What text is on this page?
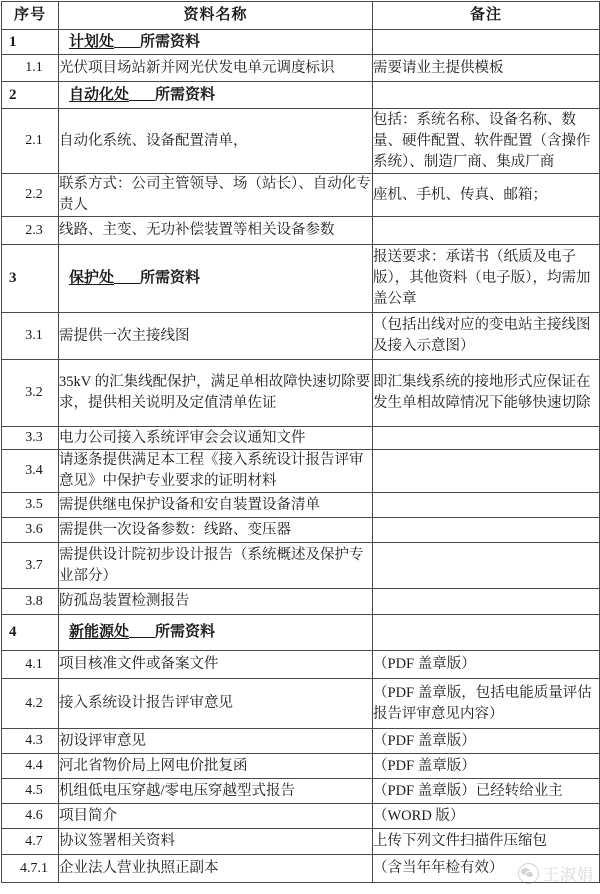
序号	资料名称	备注
1	计划处 所需资料	
1.1	光伏项目场站新并网光伏发电单元调度标识	需要请业主提供模板
2	自动化处 所需资料	
2.1	自动化系统、设备配置清单，	包括：系统名称、设备名称、数量、硬件配置、软件配置（含操作系统）、制造厂商、集成厂商
2.2	联系方式：公司主管领导、场（站长）、自动化专责人	座机、手机、传真、邮箱；
2.3	线路、主变、无功补偿装置等相关设备参数	
3	保护处 所需资料	报送要求：承诺书（纸质及电子版），其他资料（电子版），均需加盖公章
3.1	需提供一次主接线图	（包括出线对应的变电站主接线图及接入示意图）
3.2	35kV 的汇集线配保护，满足单相故障快速切除要求，提供相关说明及定值清单佐证	即汇集线系统的接地形式应保证在发生单相故障情况下能够快速切除
3.3	电力公司接入系统评审会会议通知文件	
3.4	请逐条提供满足本工程《接入系统设计报告评审意见》中保护专业要求的证明材料	
3.5	需提供继电保护设备和安自装置设备清单	
3.6	需提供一次设备参数：线路、变压器	
3.7	需提供设计院初步设计报告（系统概述及保护专业部分）	
3.8	防孤岛装置检测报告	
4	新能源处 所需资料	
4.1	项目核准文件或备案文件	（PDF 盖章版）
4.2	接入系统设计报告评审意见	（PDF 盖章版，包括电能质量评估报告评审意见内容）
4.3	初设评审意见	（PDF 盖章版）
4.4	河北省物价局上网电价批复函	（PDF 盖章版）
4.5	机组低电压穿越/零电压穿越型式报告	（PDF 盖章版）已经转给业主
4.6	项目简介	（WORD 版）
4.7	协议签署相关资料	上传下列文件扫描件压缩包
4.7.1	企业法人营业执照正副本	（含当年年检有效） 王淑娟
